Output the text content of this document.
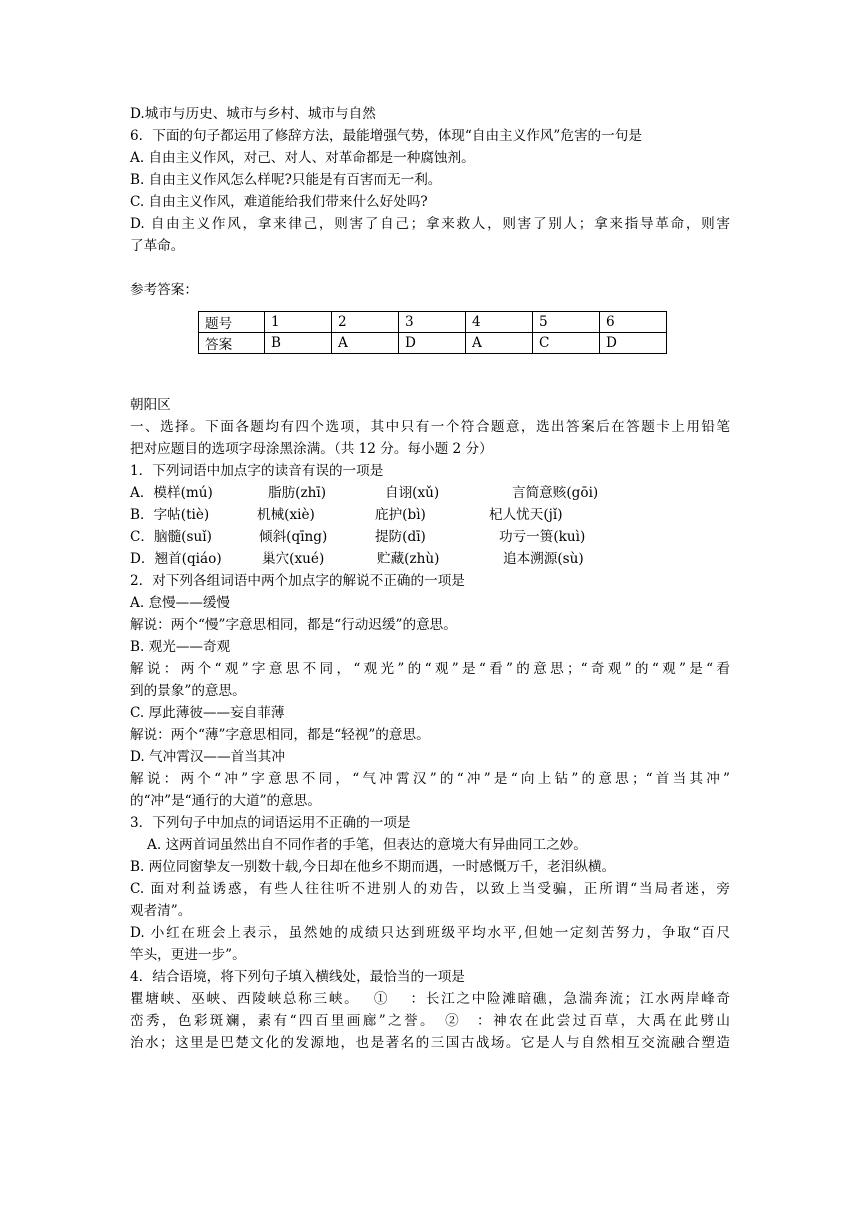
D.城市与历史、城市与乡村、城市与自然
6．下面的句子都运用了修辞方法，最能增强气势，体现“自由主义作风”危害的一句是
A. 自由主义作风，对己、对人、对革命都是一种腐蚀剂。
B. 自由主义作风怎么样呢?只能是有百害而无一利。
C. 自由主义作风，难道能给我们带来什么好处吗?
D. 自由主义作风，拿来律己，则害了自己；拿来救人，则害了别人；拿来指导革命，则害
了革命。
参考答案：
题号	1	2	3	4	5	6
答案	B	A	D	A	C	D
朝阳区
一、选择。下面各题均有四个选项，其中只有一个符合题意，选出答案后在答题卡上用铅笔
把对应题目的选项字母涂黑涂满。（共 12 分。每小题 2 分）
1．下列词语中加点字的读音有误的一项是
A．模样(mú)	脂肪(zhī)	自诩(xǔ)	言简意赅(gōi)
B．字帖(tiè)	机械(xiè)	庇护(bì)	杞人忧天(jǐ)
C．脑髓(suǐ)	倾斜(qīng)	提防(dī)	功亏一篑(kuì)
D．翘首(qiáo)	巢穴(xué)	贮藏(zhù)	追本溯源(sù)
2．对下列各组词语中两个加点字的解说不正确的一项是
A. 怠慢——缓慢
解说：两个“慢”字意思相同，都是“行动迟缓”的意思。
B. 观光——奇观
解说：两个“观”字意思不同，“观光”的“观”是“看”的意思；“奇观”的“观”是“看
到的景象”的意思。
C. 厚此薄彼——妄自菲薄
解说：两个“薄”字意思相同，都是“轻视”的意思。
D. 气冲霄汉——首当其冲
解说：两个“冲”字意思不同，“气冲霄汉”的“冲”是“向上钻”的意思；“首当其冲”
的“冲”是“通行的大道”的意思。
3．下列句子中加点的词语运用不正确的一项是
A. 这两首词虽然出自不同作者的手笔，但表达的意境大有异曲同工之妙。
B. 两位同窗挚友一别数十载,今日却在他乡不期而遇，一时感慨万千，老泪纵横。
C. 面对利益诱惑，有些人往往听不进别人的劝告，以致上当受骗，正所谓“当局者迷，旁
观者清”。
D. 小红在班会上表示，虽然她的成绩只达到班级平均水平,但她一定刻苦努力，争取“百尺
竿头，更进一步”。
4．结合语境，将下列句子填入横线处，最恰当的一项是
瞿塘峡、巫峡、西陵峡总称三峡。　 ①　 ：长江之中险滩暗礁，急湍奔流；江水两岸峰奇
峦秀，色彩斑斓，素有“四百里画廊”之誉。　②　：神农在此尝过百草，大禹在此劈山
治水；这里是巴楚文化的发源地，也是著名的三国古战场。它是人与自然相互交流融合塑造
